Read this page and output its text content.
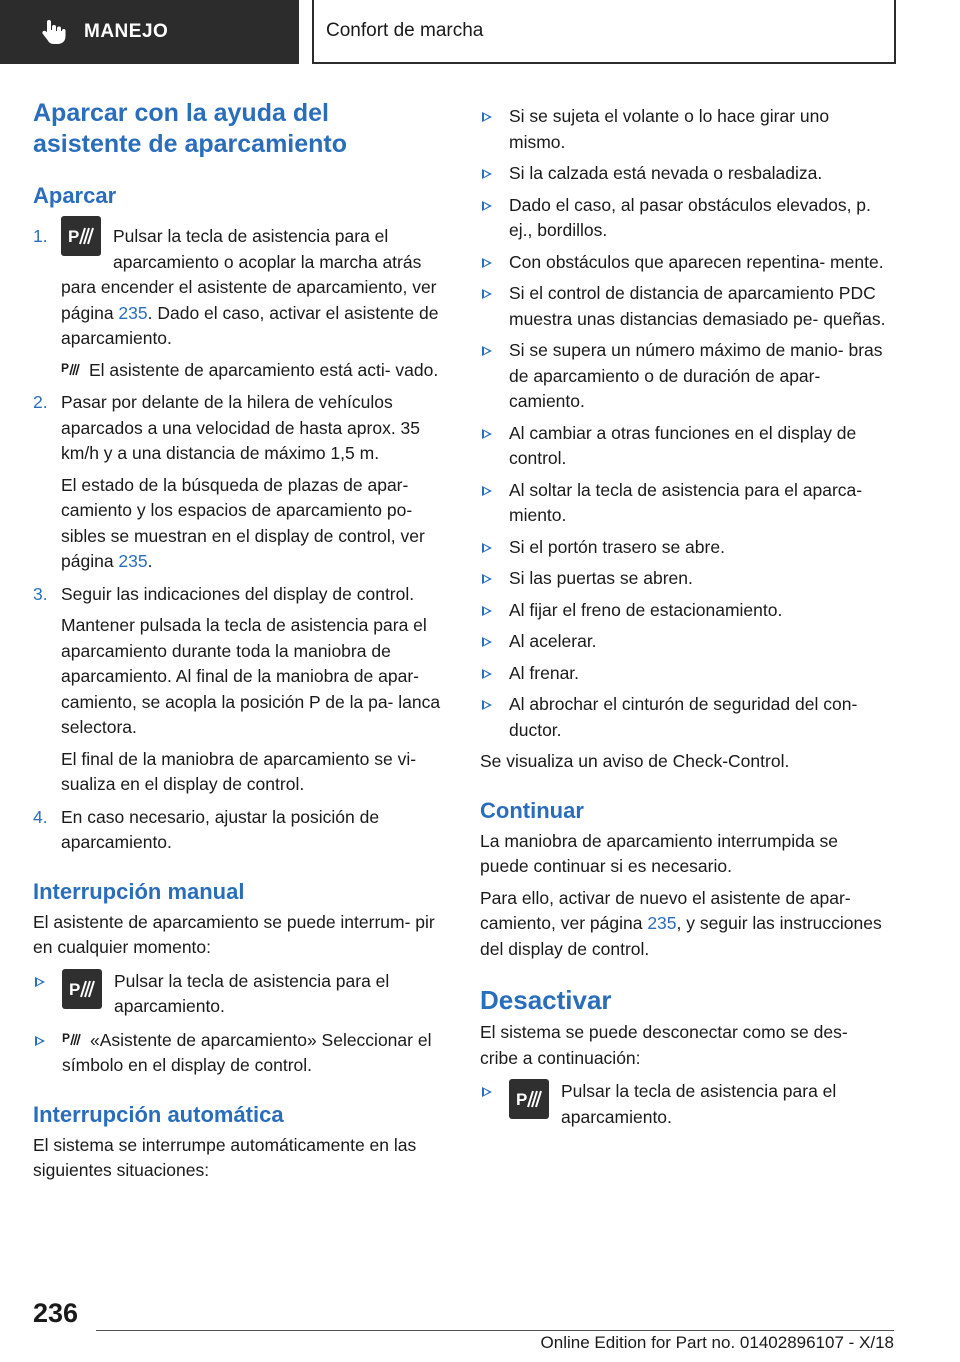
MANEJO	Confort de marcha
Aparcar con la ayuda del asistente de aparcamiento
Aparcar
1. P Pulsar la tecla de asistencia para el aparcamiento o acoplar la marcha atrás para encender el asistente de aparcamiento, ver página 235. Dado el caso, activar el asistente de aparcamiento.
P El asistente de aparcamiento está acti‐ vado.
2. Pasar por delante de la hilera de vehículos aparcados a una velocidad de hasta aprox. 35 km/h y a una distancia de máximo 1,5 m.
El estado de la búsqueda de plazas de apar‐ camiento y los espacios de aparcamiento po‐ sibles se muestran en el display de control, ver página 235.
3. Seguir las indicaciones del display de control.
Mantener pulsada la tecla de asistencia para el aparcamiento durante toda la maniobra de aparcamiento. Al final de la maniobra de apar‐ camiento, se acopla la posición P de la pa‐ lanca selectora.
El final de la maniobra de aparcamiento se vi‐ sualiza en el display de control.
4. En caso necesario, ajustar la posición de aparcamiento.
Interrupción manual
El asistente de aparcamiento se puede interrum‐ pir en cualquier momento:
P	Pulsar la tecla de asistencia para el aparcamiento.
P «Asistente de aparcamiento» Seleccionar el símbolo en el display de control.
Interrupción automática
El sistema se interrumpe automáticamente en las siguientes situaciones:
Si se sujeta el volante o lo hace girar uno mismo.
Si la calzada está nevada o resbaladiza.
Dado el caso, al pasar obstáculos elevados, p. ej., bordillos.
Con obstáculos que aparecen repentina‐ mente.
Si el control de distancia de aparcamiento PDC muestra unas distancias demasiado pe‐ queñas.
Si se supera un número máximo de manio‐ bras de aparcamiento o de duración de apar‐ camiento.
Al cambiar a otras funciones en el display de control.
Al soltar la tecla de asistencia para el aparca‐ miento.
Si el portón trasero se abre.
Si las puertas se abren.
Al fijar el freno de estacionamiento.
Al acelerar.
Al frenar.
Al abrochar el cinturón de seguridad del con‐ ductor.
Se visualiza un aviso de Check-Control.
Continuar
La maniobra de aparcamiento interrumpida se puede continuar si es necesario.
Para ello, activar de nuevo el asistente de apar‐ camiento, ver página 235, y seguir las instrucciones del display de control.
Desactivar
El sistema se puede desconectar como se des‐ cribe a continuación:
P	Pulsar la tecla de asistencia para el aparcamiento.
236
Online Edition for Part no. 01402896107 - X/18
